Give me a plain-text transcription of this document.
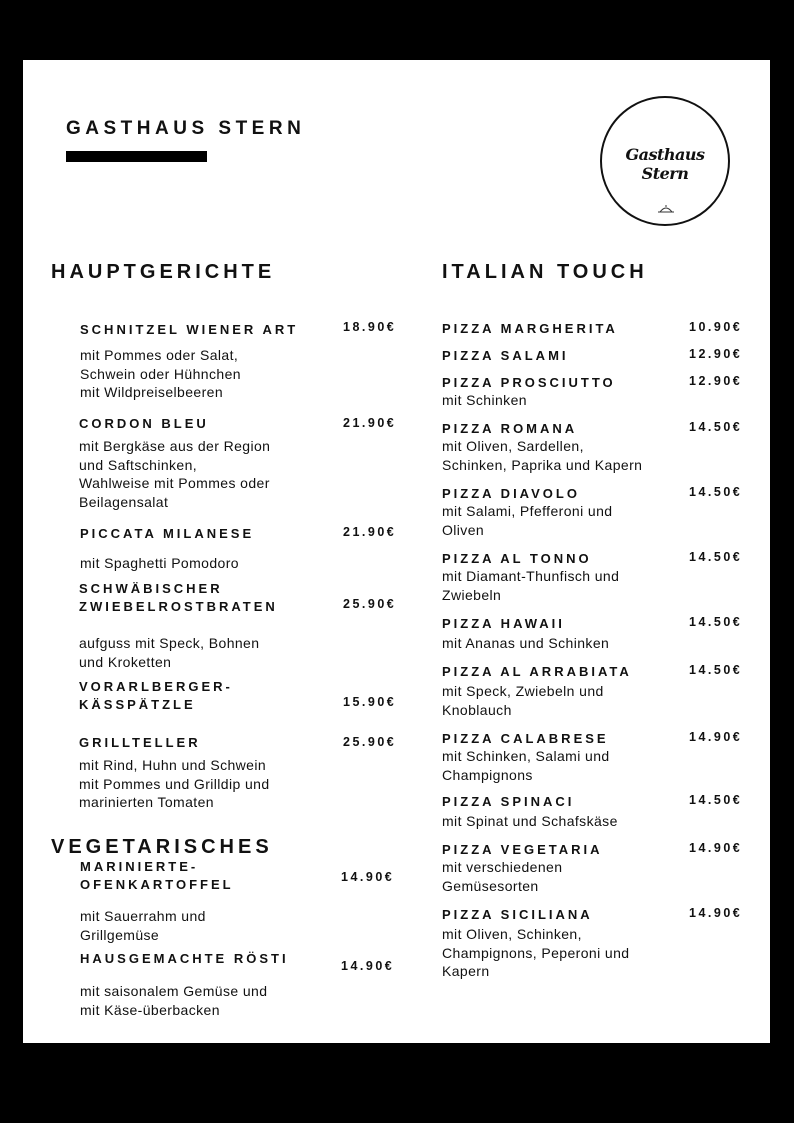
GASTHAUS STERN
Gasthaus Stern
HAUPTGERICHTE	ITALIAN TOUCH
VEGETARISCHES
SCHNITZEL WIENER ART	18.90€
mit Pommes oder Salat,
Schwein oder Hühnchen
mit Wildpreiselbeeren
CORDON BLEU	21.90€
mit Bergkäse aus der Region
und Saftschinken,
Wahlweise mit Pommes oder
Beilagensalat
PICCATA MILANESE	21.90€
mit Spaghetti Pomodoro
SCHWÄBISCHER
ZWIEBELROSTBRATEN	25.90€
aufguss mit Speck, Bohnen
und Kroketten
VORARLBERGER-
KÄSSPÄTZLE	15.90€
GRILLTELLER	25.90€
mit Rind, Huhn und Schwein
mit Pommes und Grilldip und
marinierten Tomaten
MARINIERTE-
OFENKARTOFFEL	14.90€
mit Sauerrahm und
Grillgemüse
HAUSGEMACHTE RÖSTI	14.90€
mit saisonalem Gemüse und
mit Käse-überbacken
PIZZA MARGHERITA	10.90€
PIZZA SALAMI	12.90€
PIZZA PROSCIUTTO	12.90€
mit Schinken
PIZZA ROMANA	14.50€
mit Oliven, Sardellen,
Schinken, Paprika und Kapern
PIZZA DIAVOLO	14.50€
mit Salami, Pfefferoni und
Oliven
PIZZA AL TONNO	14.50€
mit Diamant-Thunfisch und
Zwiebeln
PIZZA HAWAII	14.50€
mit Ananas und Schinken
PIZZA AL ARRABIATA	14.50€
mit Speck, Zwiebeln und
Knoblauch
PIZZA CALABRESE	14.90€
mit Schinken, Salami und
Champignons
PIZZA SPINACI	14.50€
mit Spinat und Schafskäse
PIZZA VEGETARIA	14.90€
mit verschiedenen
Gemüsesorten
PIZZA SICILIANA	14.90€
mit Oliven, Schinken,
Champignons, Peperoni und
Kapern
